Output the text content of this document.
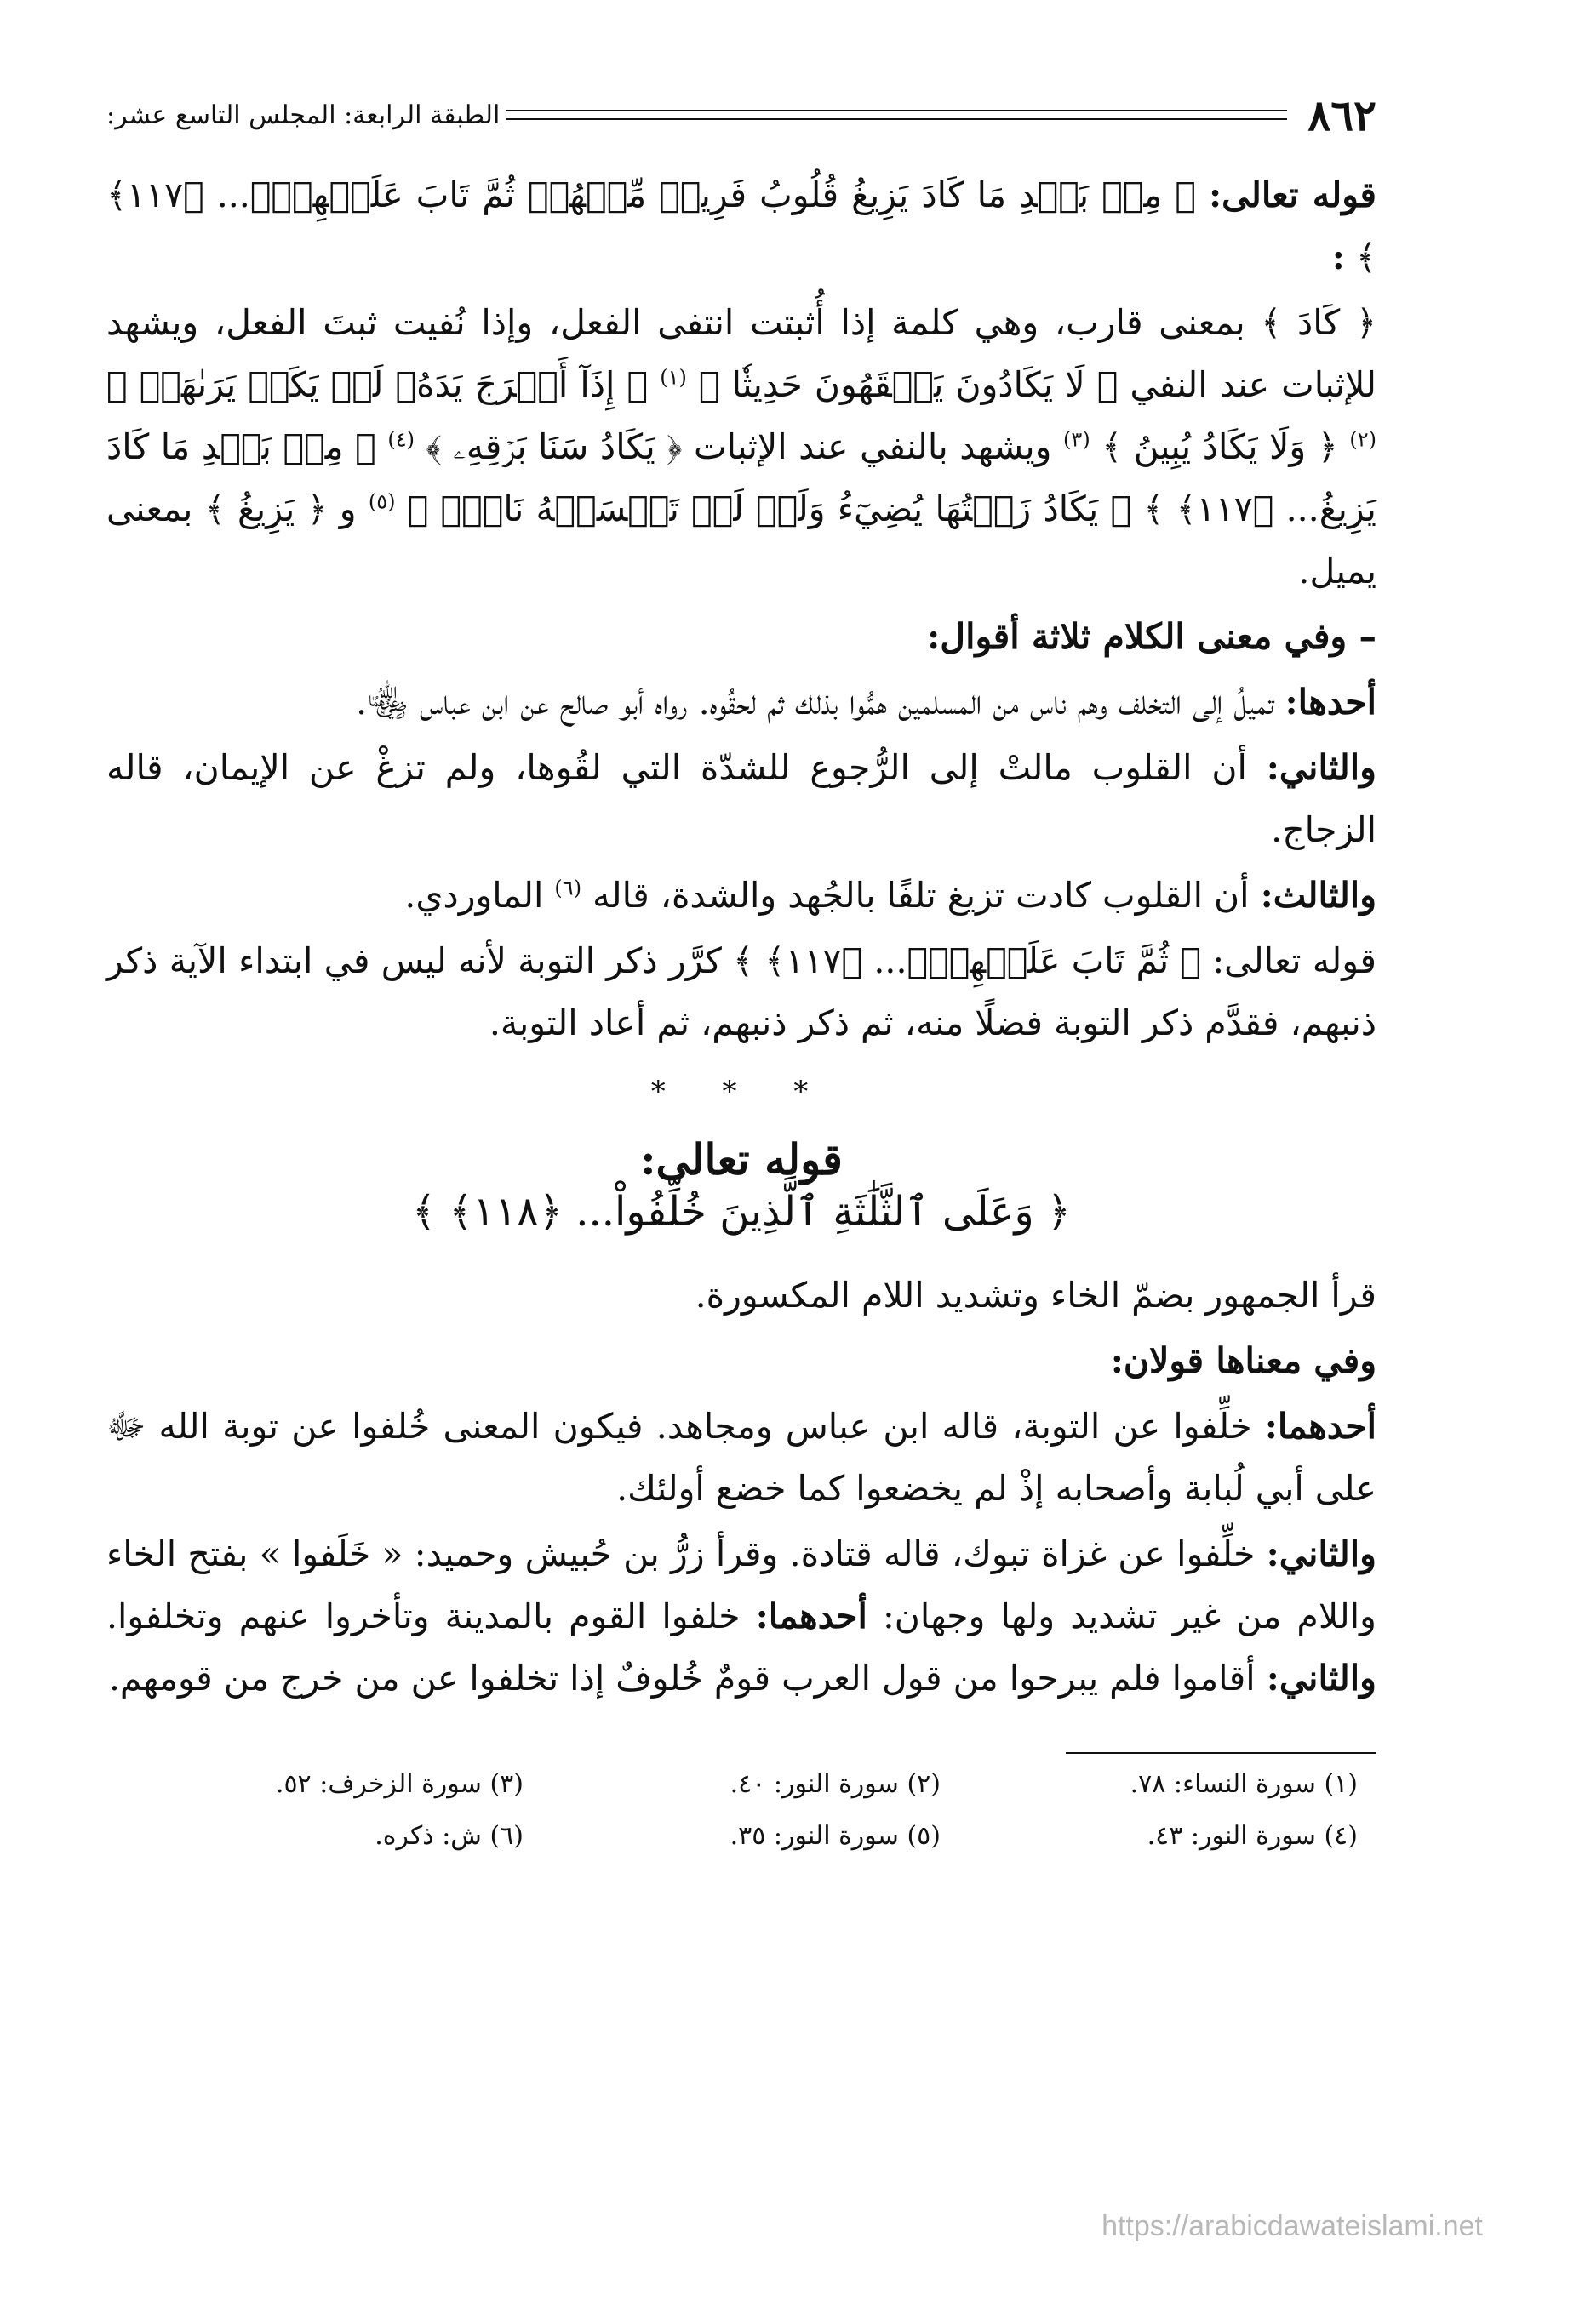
٨٦٢
الطبقة الرابعة: المجلس التاسع عشر:

قوله تعالى: ﴿ مِنۢ بَعۡدِ مَا كَادَ يَزِيغُ قُلُوبُ فَرِيقٖ مِّنۡهُمۡ ثُمَّ تَابَ عَلَيۡهِمۡۚ... ﴿١١٧﴾ ﴾ :

﴿ كَادَ ﴾ بمعنى قارب، وهي كلمة إذا أُثبتت انتفى الفعل، وإذا نُفيت ثبتَ الفعل، ويشهد للإثبات عند النفي ﴿ لَا يَكَادُونَ يَفۡقَهُونَ حَدِيثٗا ﴾ $^{(١)}$ ﴿ إِذَآ أَخۡرَجَ يَدَهُۥ لَمۡ يَكَدۡ يَرَىٰهَاۗ ﴾ $^{(٢)}$ ﴿ وَلَا يَكَادُ يُبِينُ ﴾ $^{(٣)}$ ويشهد بالنفي عند الإثبات ﴿ يَكَادُ سَنَا بَرۡقِهِۦ ﴾ $^{(٤)}$ ﴿ مِنۢ بَعۡدِ مَا كَادَ يَزِيغُ... ﴿١١٧﴾ ﴾ ﴿ يَكَادُ زَيۡتُهَا يُضِيٓءُ وَلَوۡ لَمۡ تَمۡسَسۡهُ نَارٞۚ ﴾ $^{(٥)}$ و ﴿ يَزِيغُ ﴾ بمعنى يميل.

– وفي معنى الكلام ثلاثة أقوال:

أحدها: تميلُ إلى التخلف وهم ناس من المسلمين همُّوا بذلك ثم لحقُوه. رواه أبو صالح عن ابن عباس ﵄.

والثاني: أن القلوب مالتْ إلى الرُّجوع للشدّة التي لقُوها، ولم تزغْ عن الإيمان، قاله الزجاج.

والثالث: أن القلوب كادت تزيغ تلفًا بالجُهد والشدة، قاله $^{(٦)}$ الماوردي.

قوله تعالى: ﴿ ثُمَّ تَابَ عَلَيۡهِمۡۚ... ﴿١١٧﴾ ﴾ كرَّر ذكر التوبة لأنه ليس في ابتداء الآية ذكر ذنبهم، فقدَّم ذكر التوبة فضلًا منه، ثم ذكر ذنبهم، ثم أعاد التوبة.

* * *
قوله تعالى:
﴿ وَعَلَى ٱلثَّلَٰثَةِ ٱلَّذِينَ خُلِّفُواْ... ﴿١١٨﴾ ﴾

قرأ الجمهور بضمّ الخاء وتشديد اللام المكسورة.

وفي معناها قولان:

أحدهما: خلِّفوا عن التوبة، قاله ابن عباس ومجاهد. فيكون المعنى خُلفوا عن توبة الله ﷻ على أبي لُبابة وأصحابه إذْ لم يخضعوا كما خضع أولئك.

والثاني: خلِّفوا عن غزاة تبوك، قاله قتادة. وقرأ زرُّ بن حُبيش وحميد: « خَلَفوا » بفتح الخاء واللام من غير تشديد ولها وجهان: أحدهما: خلفوا القوم بالمدينة وتأخروا عنهم وتخلفوا. والثاني: أقاموا فلم يبرحوا من قول العرب قومٌ خُلوفٌ إذا تخلفوا عن من خرج من قومهم.

(١) سورة النساء: ٧٨.
(٢) سورة النور: ٤٠.
(٣) سورة الزخرف: ٥٢.
(٤) سورة النور: ٤٣.
(٥) سورة النور: ٣٥.
(٦) ش: ذكره.
https://arabicdawateislami.net
